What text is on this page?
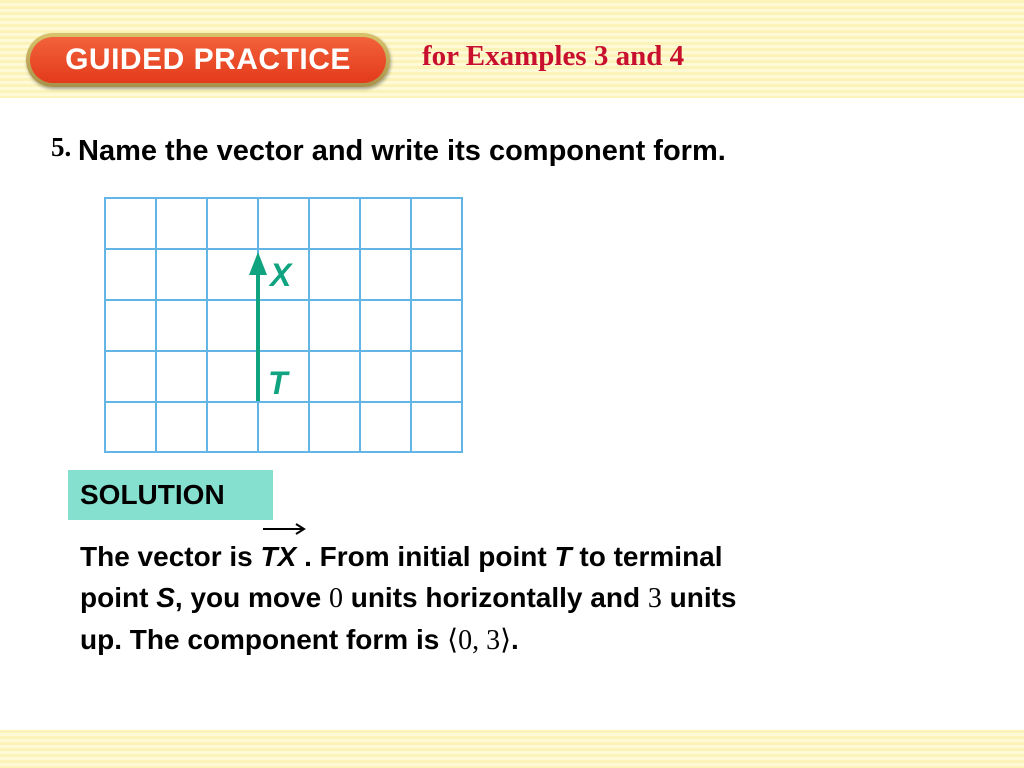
GUIDED PRACTICE for Examples 3 and 4
5. Name the vector and write its component form.
X
T
SOLUTION
The vector is
TX . From initial point T to terminal
point S, you move 0 units horizontally and 3 units
up. The component form is ⟨0, 3⟩.
